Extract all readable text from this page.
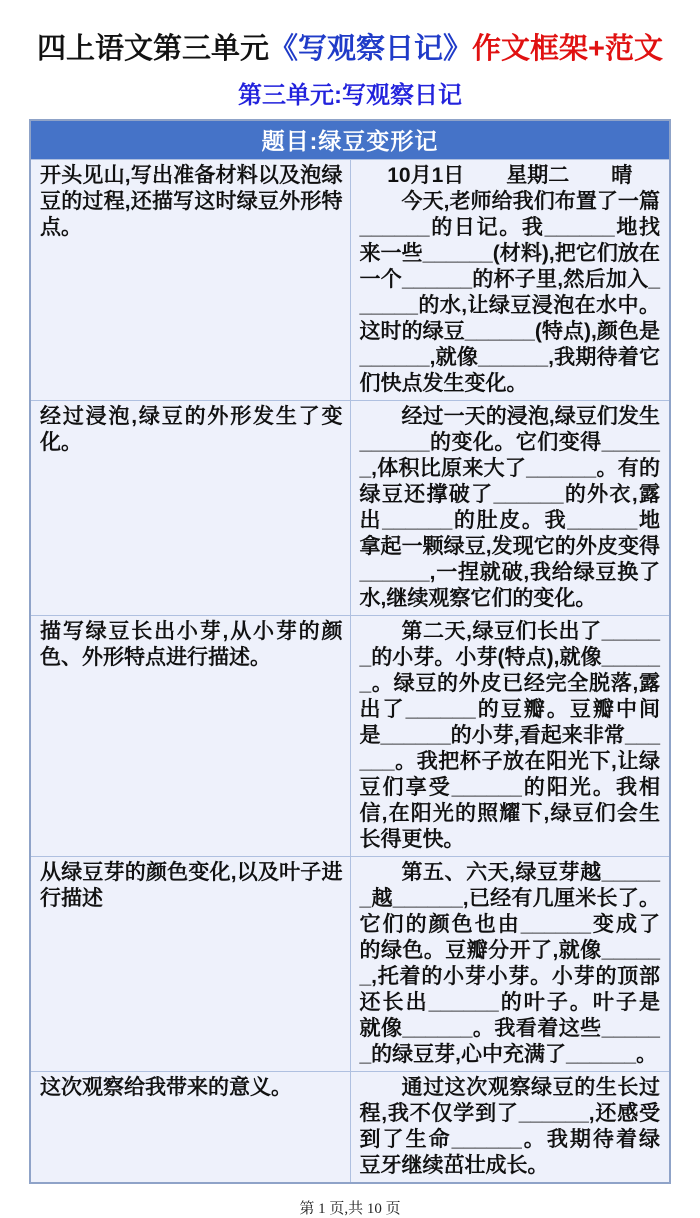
四上语文第三单元《写观察日记》作文框架+范文
第三单元:写观察日记
题目:绿豆变形记	

开头见山,写出准备材料以及泡绿豆的过程,还描写这时绿豆外形特点。	10月1日　　星期二　　晴

今天,老师给我们布置了一篇______的日记。我______地找来一些______(材料),把它们放在一个______的杯子里,然后加入______的水,让绿豆浸泡在水中。这时的绿豆______(特点),颜色是______,就像______,我期待着它们快点发生变化。

经过浸泡,绿豆的外形发生了变化。	经过一天的浸泡,绿豆们发生______的变化。它们变得______,体积比原来大了______。有的绿豆还撑破了______的外衣,露出______的肚皮。我______地拿起一颗绿豆,发现它的外皮变得______,一捏就破,我给绿豆换了水,继续观察它们的变化。

描写绿豆长出小芽,从小芽的颜色、外形特点进行描述。	第二天,绿豆们长出了______的小芽。小芽(特点),就像______。绿豆的外皮已经完全脱落,露出了______的豆瓣。豆瓣中间是______的小芽,看起来非常______。我把杯子放在阳光下,让绿豆们享受______的阳光。我相信,在阳光的照耀下,绿豆们会生长得更快。

从绿豆芽的颜色变化,以及叶子进行描述	第五、六天,绿豆芽越______越______,已经有几厘米长了。它们的颜色也由______变成了的绿色。豆瓣分开了,就像______,托着的小芽小芽。小芽的顶部还长出______的叶子。叶子是就像______。我看着这些______的绿豆芽,心中充满了______。

这次观察给我带来的意义。	通过这次观察绿豆的生长过程,我不仅学到了______,还感受到了生命______。我期待着绿豆牙继续茁壮成长。

第 1 页,共 10 页
